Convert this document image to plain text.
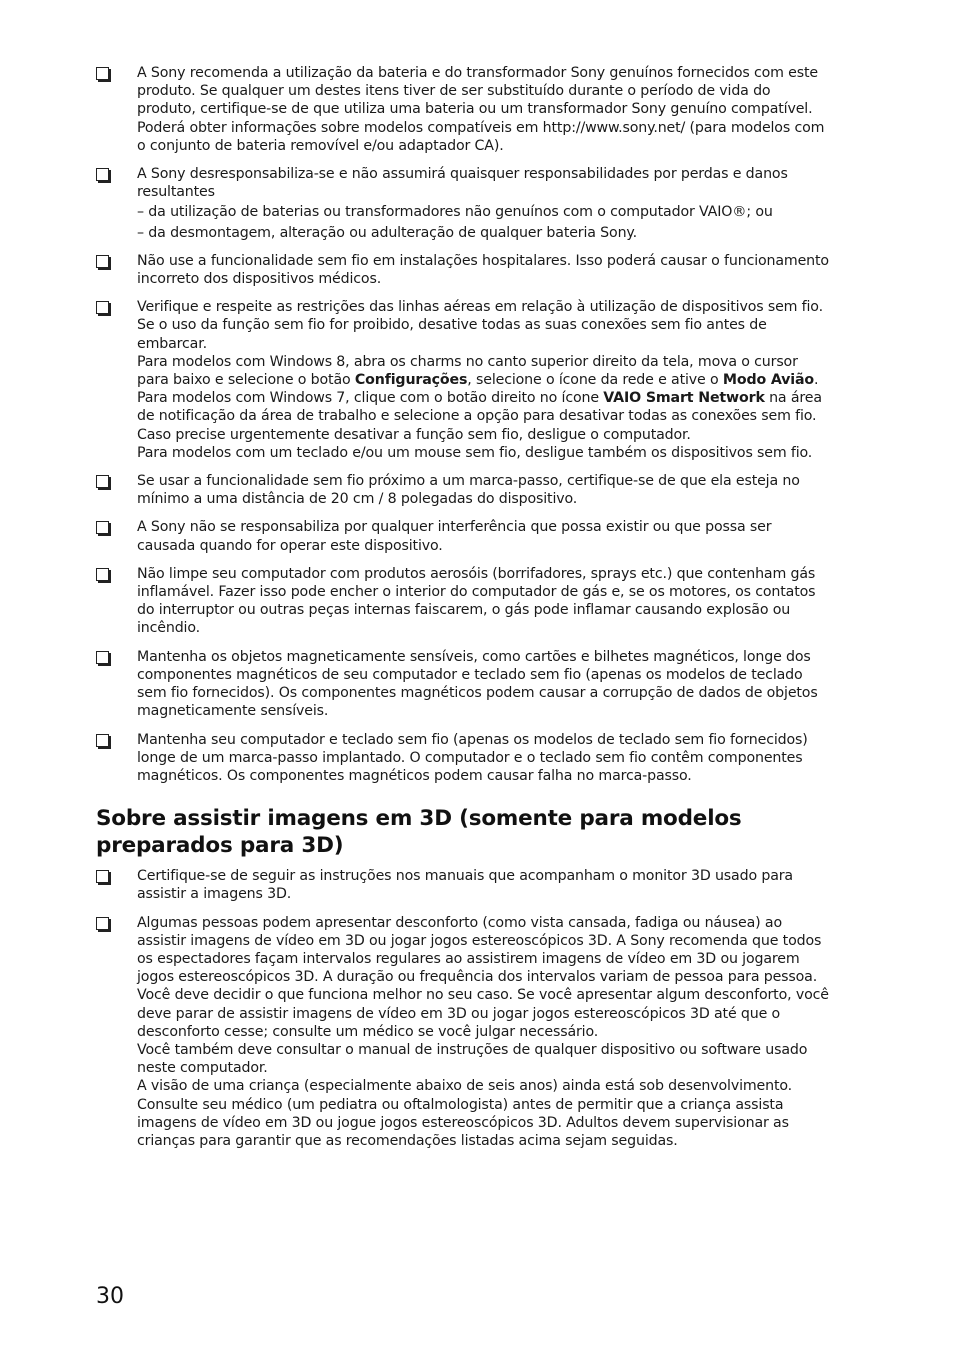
A Sony recomenda a utilização da bateria e do transformador Sony genuínos fornecidos com este produto. Se qualquer um destes itens tiver de ser substituído durante o período de vida do produto, certifique-se de que utiliza uma bateria ou um transformador Sony genuíno compatível. Poderá obter informações sobre modelos compatíveis em http://www.sony.net/ (para modelos com o conjunto de bateria removível e/ou adaptador CA).

A Sony desresponsabiliza-se e não assumirá quaisquer responsabilidades por perdas e danos resultantes

– da utilização de baterias ou transformadores não genuínos com o computador VAIO®; ou
– da desmontagem, alteração ou adulteração de qualquer bateria Sony.

Não use a funcionalidade sem fio em instalações hospitalares. Isso poderá causar o funcionamento incorreto dos dispositivos médicos.

Verifique e respeite as restrições das linhas aéreas em relação à utilização de dispositivos sem fio. Se o uso da função sem fio for proibido, desative todas as suas conexões sem fio antes de embarcar.

Para modelos com Windows 8, abra os charms no canto superior direito da tela, mova o cursor para baixo e selecione o botão Configurações, selecione o ícone da rede e ative o Modo Avião.

Para modelos com Windows 7, clique com o botão direito no ícone VAIO Smart Network na área de notificação da área de trabalho e selecione a opção para desativar todas as conexões sem fio.

Caso precise urgentemente desativar a função sem fio, desligue o computador.

Para modelos com um teclado e/ou um mouse sem fio, desligue também os dispositivos sem fio.

Se usar a funcionalidade sem fio próximo a um marca-passo, certifique-se de que ela esteja no mínimo a uma distância de 20 cm / 8 polegadas do dispositivo.

A Sony não se responsabiliza por qualquer interferência que possa existir ou que possa ser causada quando for operar este dispositivo.

Não limpe seu computador com produtos aerosóis (borrifadores, sprays etc.) que contenham gás inflamável. Fazer isso pode encher o interior do computador de gás e, se os motores, os contatos do interruptor ou outras peças internas faiscarem, o gás pode inflamar causando explosão ou incêndio.

Mantenha os objetos magneticamente sensíveis, como cartões e bilhetes magnéticos, longe dos componentes magnéticos de seu computador e teclado sem fio (apenas os modelos de teclado sem fio fornecidos). Os componentes magnéticos podem causar a corrupção de dados de objetos magneticamente sensíveis.

Mantenha seu computador e teclado sem fio (apenas os modelos de teclado sem fio fornecidos) longe de um marca-passo implantado. O computador e o teclado sem fio contêm componentes magnéticos. Os componentes magnéticos podem causar falha no marca-passo.

Sobre assistir imagens em 3D (somente para modelos preparados para 3D)

Certifique-se de seguir as instruções nos manuais que acompanham o monitor 3D usado para assistir a imagens 3D.

Algumas pessoas podem apresentar desconforto (como vista cansada, fadiga ou náusea) ao assistir imagens de vídeo em 3D ou jogar jogos estereoscópicos 3D. A Sony recomenda que todos os espectadores façam intervalos regulares ao assistirem imagens de vídeo em 3D ou jogarem jogos estereoscópicos 3D. A duração ou frequência dos intervalos variam de pessoa para pessoa. Você deve decidir o que funciona melhor no seu caso. Se você apresentar algum desconforto, você deve parar de assistir imagens de vídeo em 3D ou jogar jogos estereoscópicos 3D até que o desconforto cesse; consulte um médico se você julgar necessário.

Você também deve consultar o manual de instruções de qualquer dispositivo ou software usado neste computador.

A visão de uma criança (especialmente abaixo de seis anos) ainda está sob desenvolvimento. Consulte seu médico (um pediatra ou oftalmologista) antes de permitir que a criança assista imagens de vídeo em 3D ou jogue jogos estereoscópicos 3D. Adultos devem supervisionar as crianças para garantir que as recomendações listadas acima sejam seguidas.

30
